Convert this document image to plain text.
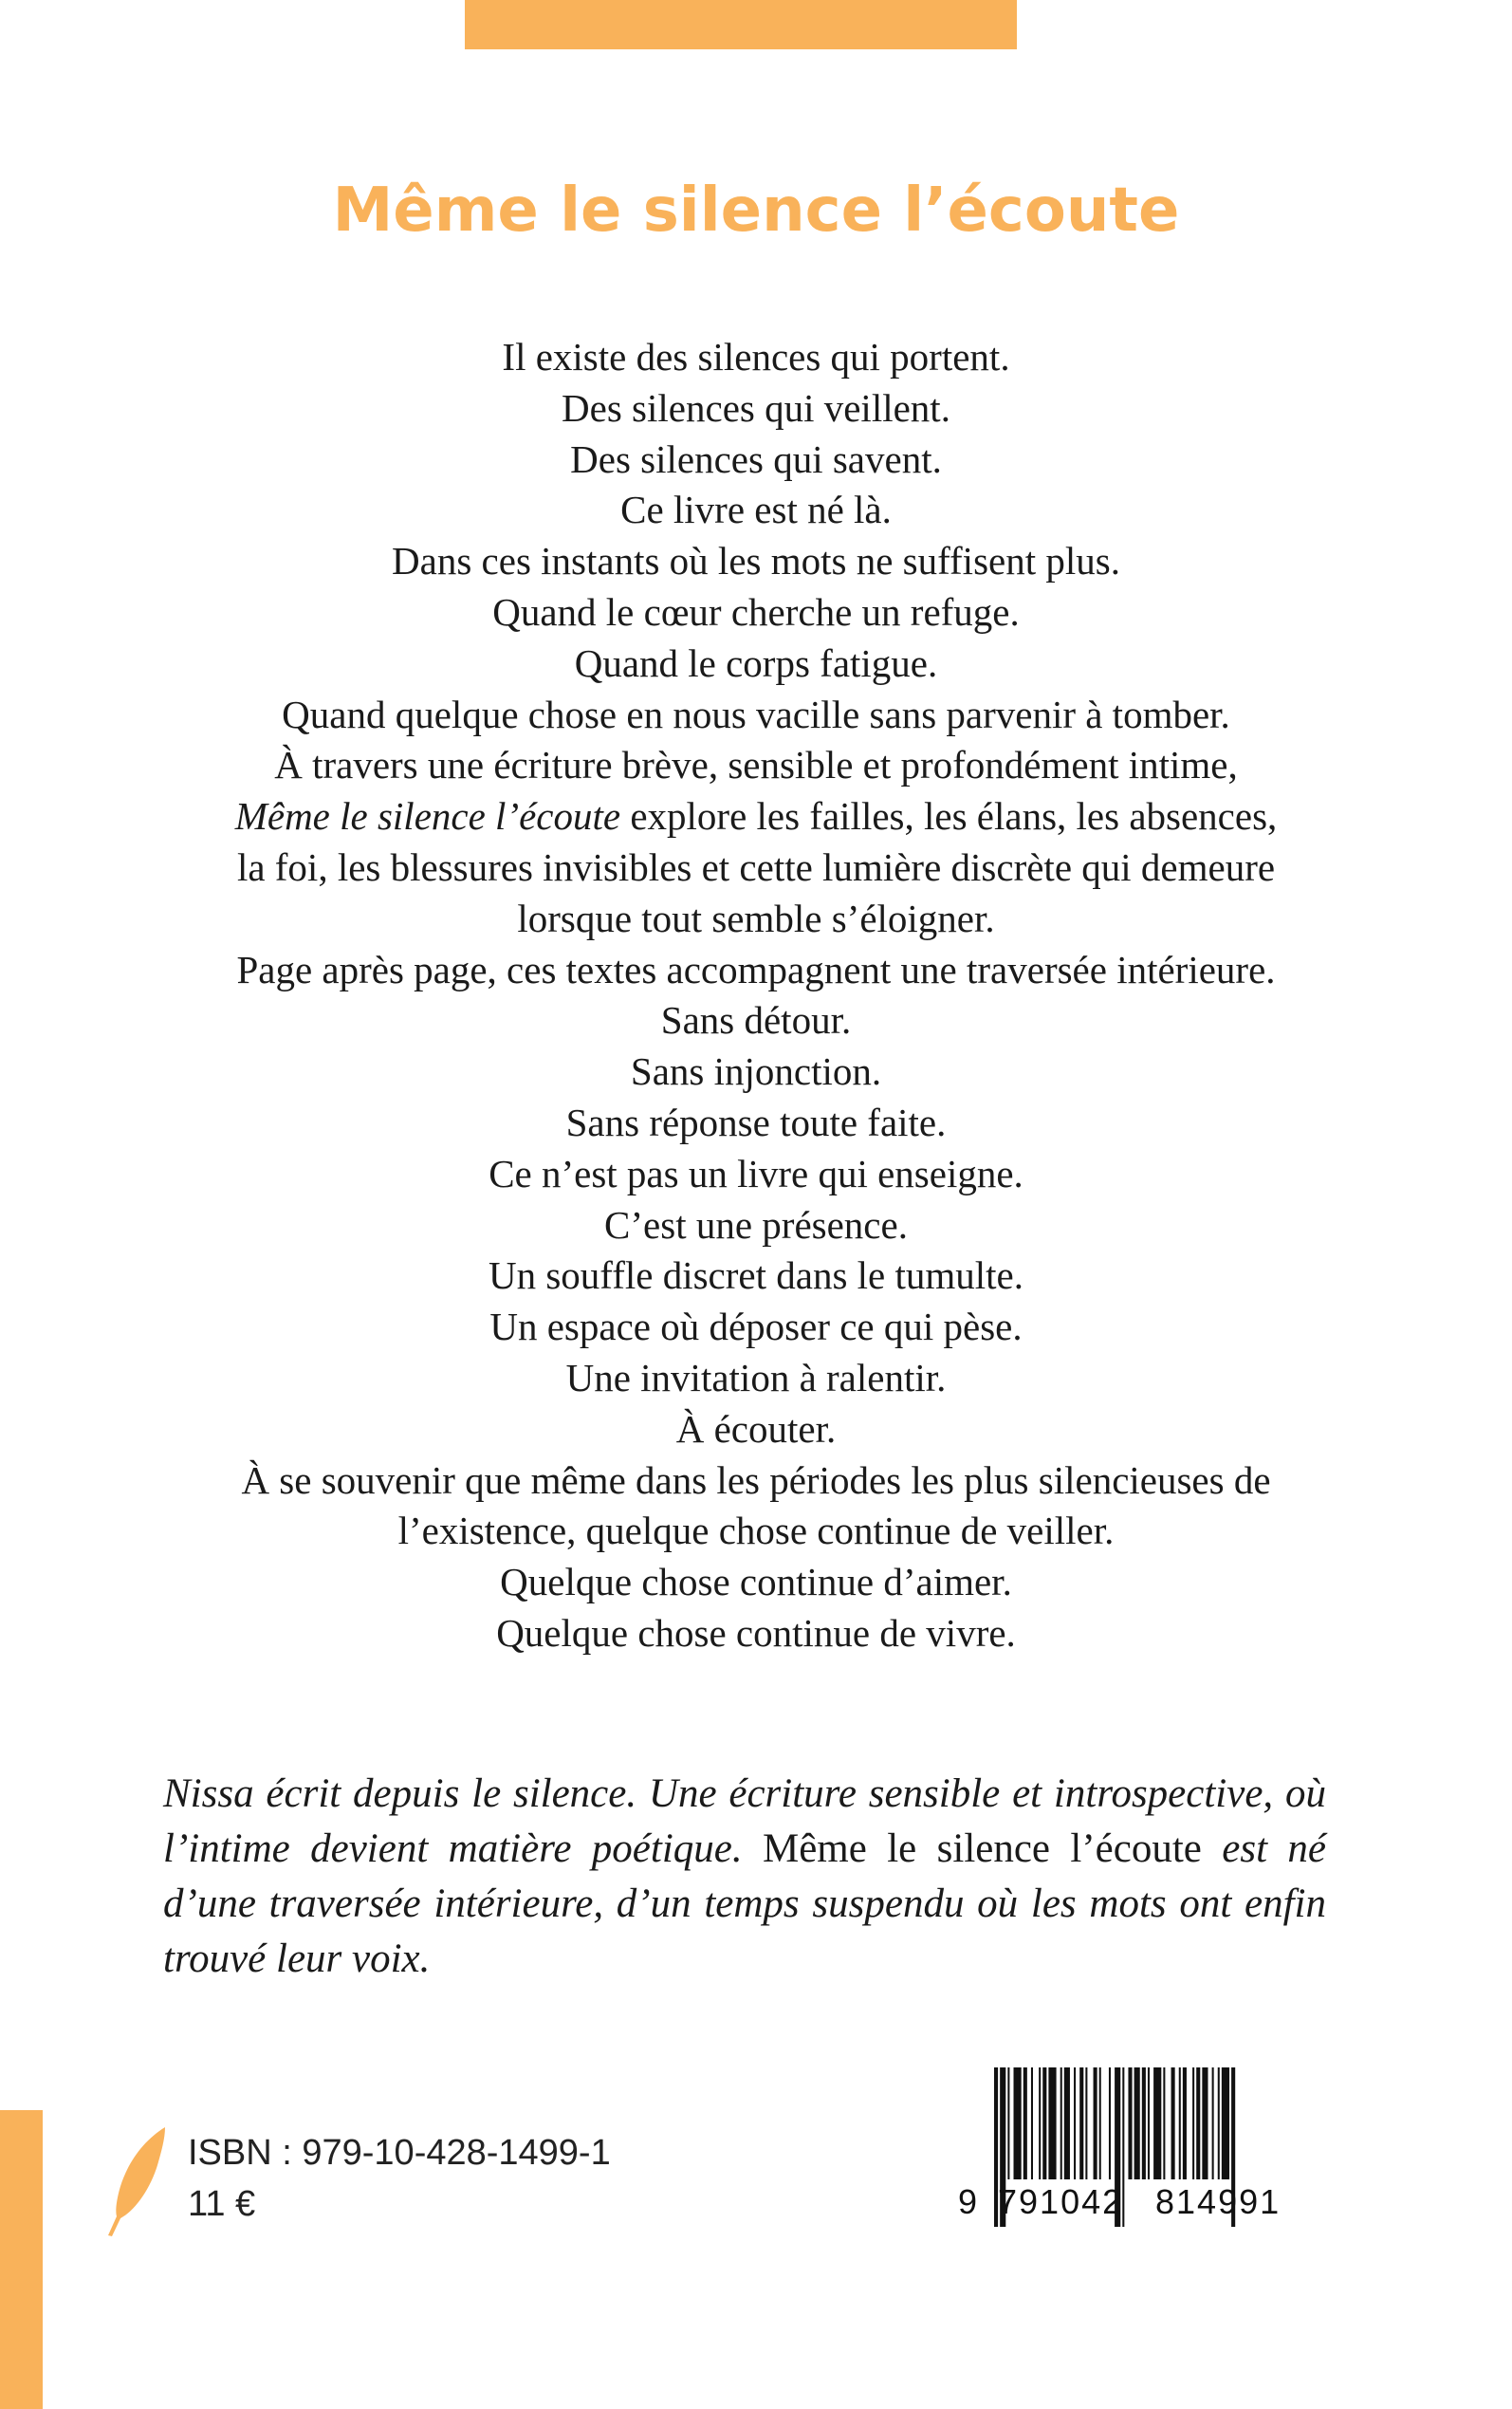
Même le silence l’écoute
Il existe des silences qui portent.
Des silences qui veillent.
Des silences qui savent.
Ce livre est né là.
Dans ces instants où les mots ne suffisent plus.
Quand le cœur cherche un refuge.
Quand le corps fatigue.
Quand quelque chose en nous vacille sans parvenir à tomber.
À travers une écriture brève, sensible et profondément intime,
Même le silence l’écoute explore les failles, les élans, les absences,
la foi, les blessures invisibles et cette lumière discrète qui demeure
lorsque tout semble s’éloigner.
Page après page, ces textes accompagnent une traversée intérieure.
Sans détour.
Sans injonction.
Sans réponse toute faite.
Ce n’est pas un livre qui enseigne.
C’est une présence.
Un souffle discret dans le tumulte.
Un espace où déposer ce qui pèse.
Une invitation à ralentir.
À écouter.
À se souvenir que même dans les périodes les plus silencieuses de
l’existence, quelque chose continue de veiller.
Quelque chose continue d’aimer.
Quelque chose continue de vivre.

Nissa écrit depuis le silence. Une écriture sensible et introspective, où l’intime devient matière poétique. Même le silence l’écoute est né d’une traversée intérieure, d’un temps suspendu où les mots ont enfin trouvé leur voix.

ISBN : 979-10-428-1499-1
11 €	9 791042 814991
